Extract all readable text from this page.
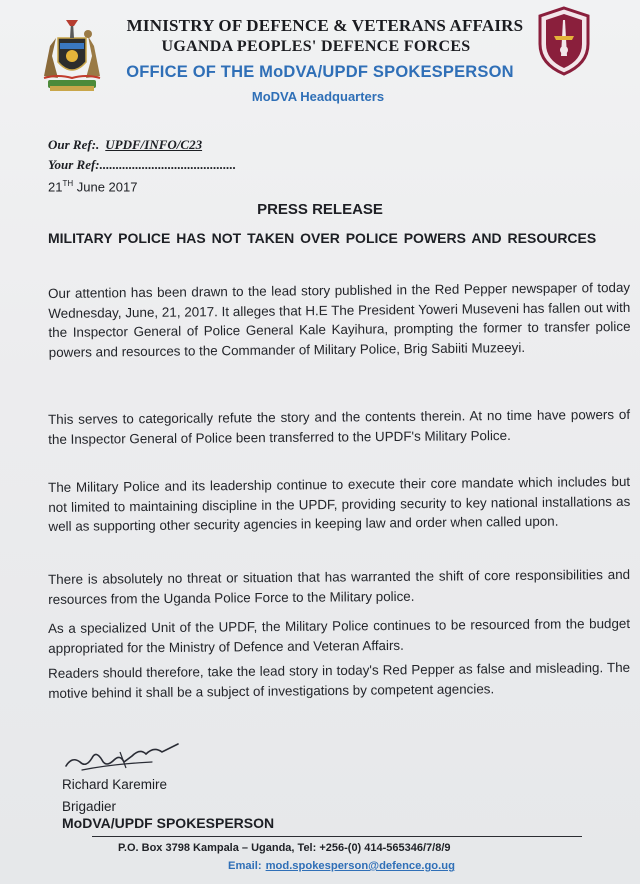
MINISTRY OF DEFENCE & VETERANS AFFAIRS
UGANDA PEOPLES' DEFENCE FORCES
OFFICE OF THE MoDVA/UPDF SPOKESPERSON
MoDVA Headquarters
Our Ref:. UPDF/INFO/C23
Your Ref:..........................................
21TH June 2017
PRESS RELEASE
MILITARY POLICE HAS NOT TAKEN OVER POLICE POWERS AND RESOURCES
Our attention has been drawn to the lead story published in the Red Pepper newspaper of today Wednesday, June, 21, 2017. It alleges that H.E The President Yoweri Museveni has fallen out with the Inspector General of Police General Kale Kayihura, prompting the former to transfer police powers and resources to the Commander of Military Police, Brig Sabiiti Muzeeyi.
This serves to categorically refute the story and the contents therein. At no time have powers of the Inspector General of Police been transferred to the UPDF's Military Police.
The Military Police and its leadership continue to execute their core mandate which includes but not limited to maintaining discipline in the UPDF, providing security to key national installations as well as supporting other security agencies in keeping law and order when called upon.
There is absolutely no threat or situation that has warranted the shift of core responsibilities and resources from the Uganda Police Force to the Military police.
As a specialized Unit of the UPDF, the Military Police continues to be resourced from the budget appropriated for the Ministry of Defence and Veteran Affairs.
Readers should therefore, take the lead story in today's Red Pepper as false and misleading. The motive behind it shall be a subject of investigations by competent agencies.
Richard Karemire
Brigadier
MoDVA/UPDF SPOKESPERSON
P.O. Box 3798 Kampala – Uganda, Tel: +256-(0) 414-565346/7/8/9
Email: mod.spokesperson@defence.go.ug
